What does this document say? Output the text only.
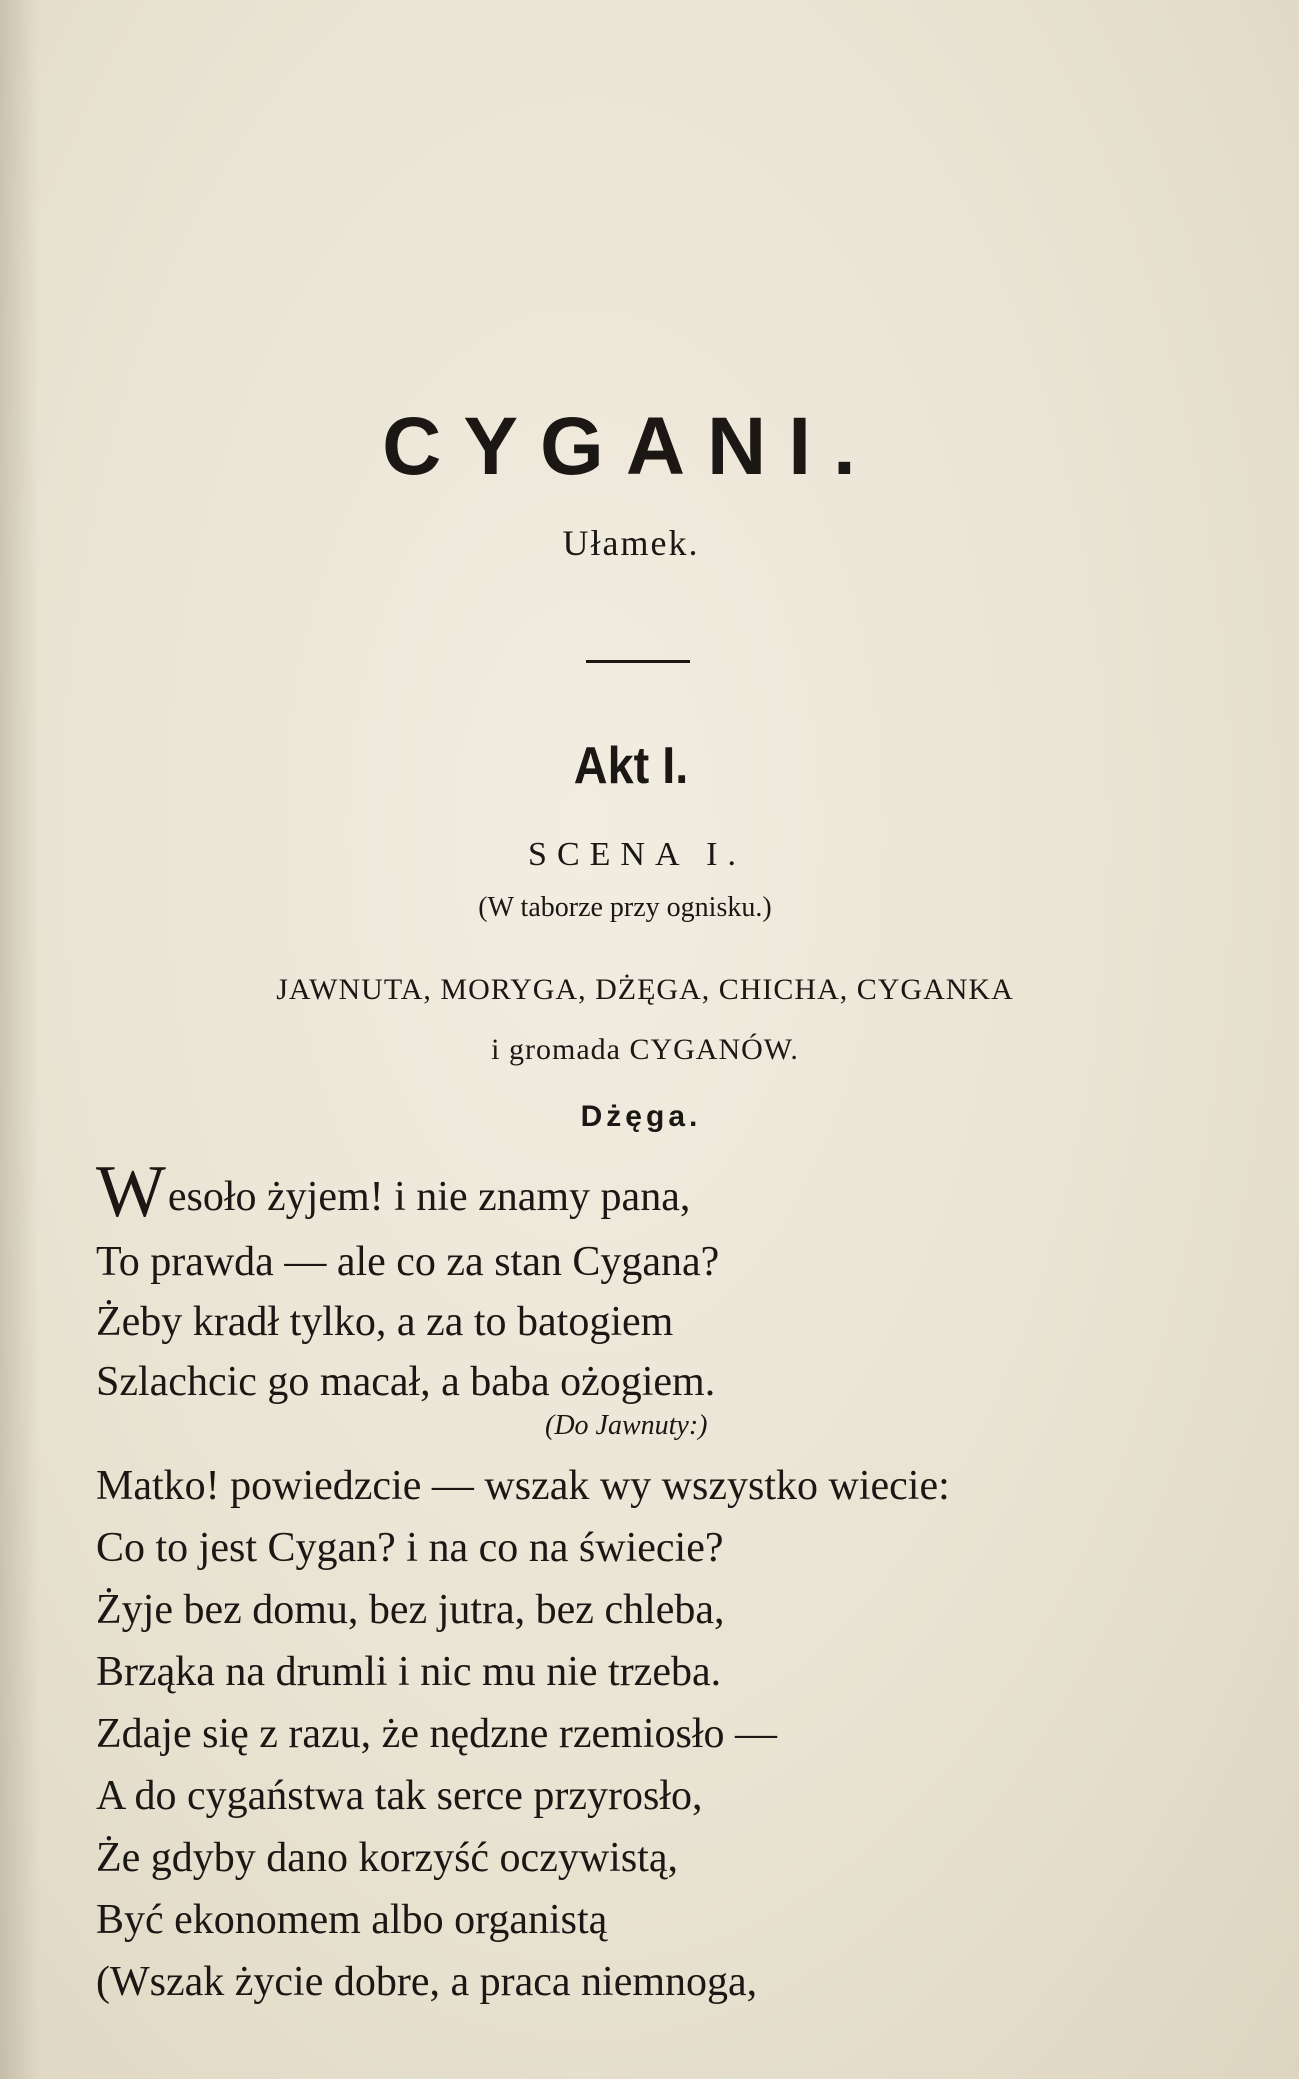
CYGANI.
Ułamek.
Akt I.
SCENA I.
(W taborze przy ognisku.)
JAWNUTA, MORYGA, DŻĘGA, CHICHA, CYGANKA
i gromada CYGANÓW.
Dżęga.
Wesoło żyjem! i nie znamy pana,
To prawda — ale co za stan Cygana?
Żeby kradł tylko, a za to batogiem
Szlachcic go macał, a baba ożogiem.
(Do Jawnuty:)
Matko! powiedzcie — wszak wy wszystko wiecie:
Co to jest Cygan? i na co na świecie?
Żyje bez domu, bez jutra, bez chleba,
Brząka na drumli i nic mu nie trzeba.
Zdaje się z razu, że nędzne rzemiosło —
A do cygaństwa tak serce przyrosło,
Że gdyby dano korzyść oczywistą,
Być ekonomem albo organistą
(Wszak życie dobre, a praca niemnoga,
